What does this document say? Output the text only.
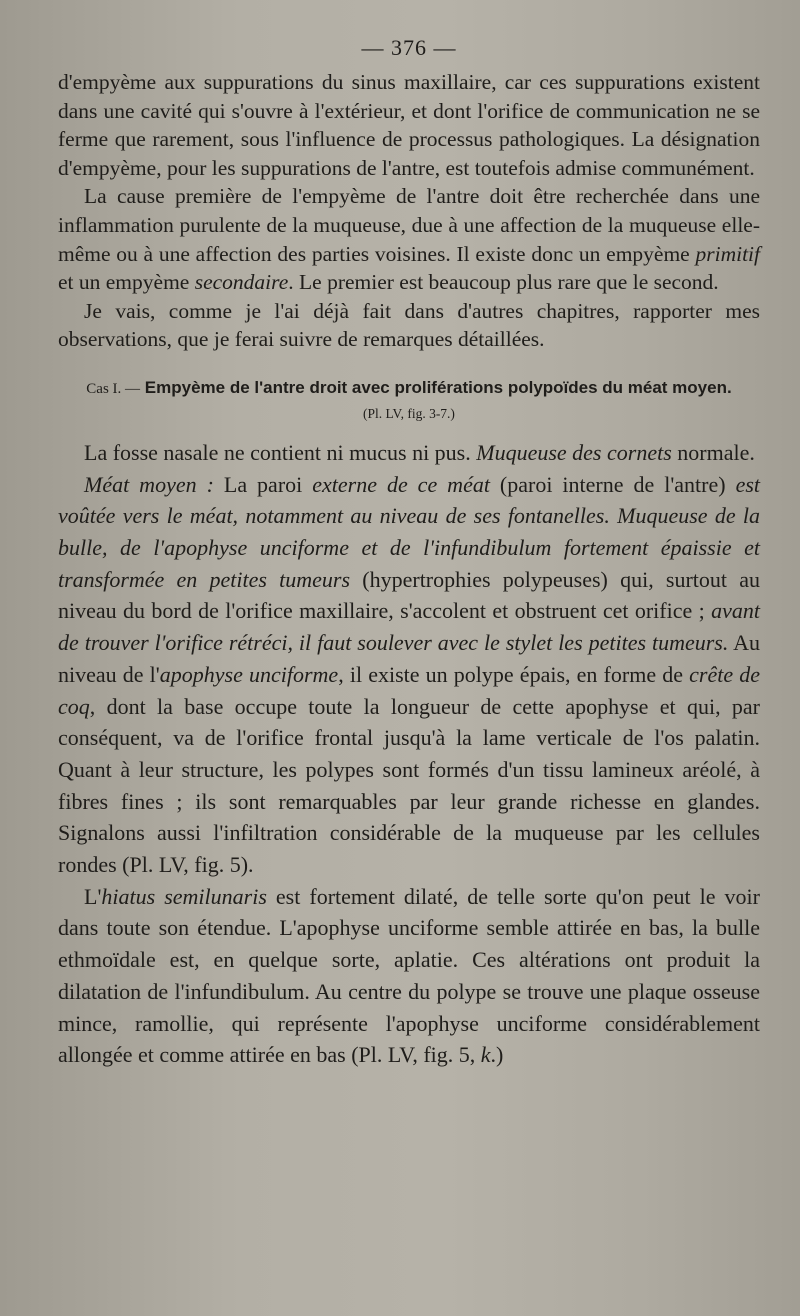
— 376 —

d'empyème aux suppurations du sinus maxillaire, car ces suppurations existent dans une cavité qui s'ouvre à l'extérieur, et dont l'orifice de communication ne se ferme que rarement, sous l'influence de processus pathologiques. La désignation d'empyème, pour les suppurations de l'antre, est toutefois admise communément.

La cause première de l'empyème de l'antre doit être recherchée dans une inflammation purulente de la muqueuse, due à une affection de la muqueuse elle-même ou à une affection des parties voisines. Il existe donc un empyème primitif et un empyème secondaire. Le premier est beaucoup plus rare que le second.

Je vais, comme je l'ai déjà fait dans d'autres chapitres, rapporter mes observations, que je ferai suivre de remarques détaillées.

Cas I. — Empyème de l'antre droit avec proliférations polypoïdes du méat moyen.
(Pl. LV, fig. 3-7.)

La fosse nasale ne contient ni mucus ni pus. Muqueuse des cornets normale.

Méat moyen : La paroi externe de ce méat (paroi interne de l'antre) est voûtée vers le méat, notamment au niveau de ses fontanelles. Muqueuse de la bulle, de l'apophyse unciforme et de l'infundibulum fortement épaissie et transformée en petites tumeurs (hypertrophies polypeuses) qui, surtout au niveau du bord de l'orifice maxillaire, s'accolent et obstruent cet orifice ; avant de trouver l'orifice rétréci, il faut soulever avec le stylet les petites tumeurs. Au niveau de l'apophyse unciforme, il existe un polype épais, en forme de crête de coq, dont la base occupe toute la longueur de cette apophyse et qui, par conséquent, va de l'orifice frontal jusqu'à la lame verticale de l'os palatin. Quant à leur structure, les polypes sont formés d'un tissu lamineux aréolé, à fibres fines ; ils sont remarquables par leur grande richesse en glandes. Signalons aussi l'infiltration considérable de la muqueuse par les cellules rondes (Pl. LV, fig. 5).

L'hiatus semilunaris est fortement dilaté, de telle sorte qu'on peut le voir dans toute son étendue. L'apophyse unciforme semble attirée en bas, la bulle ethmoïdale est, en quelque sorte, aplatie. Ces altérations ont produit la dilatation de l'infundibulum. Au centre du polype se trouve une plaque osseuse mince, ramollie, qui représente l'apophyse unciforme considérablement allongée et comme attirée en bas (Pl. LV, fig. 5, k.)
